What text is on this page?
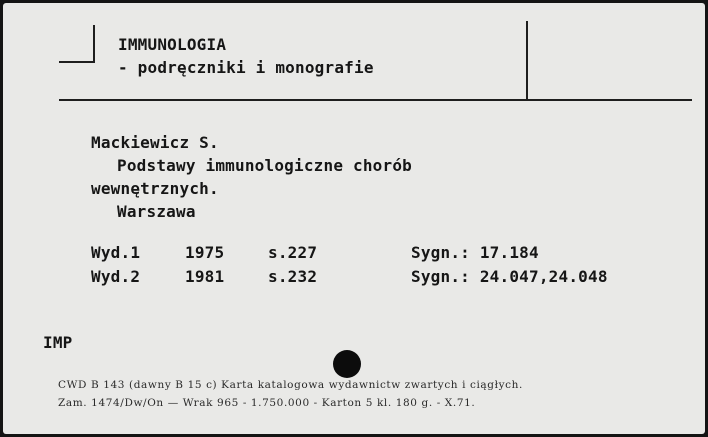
IMMUNOLOGIA
- podręczniki i monografie
Mackiewicz S.
Podstawy immunologiczne chorób
wewnętrznych.
Warszawa
Wyd.1	1975	s.227	Sygn.: 17.184
Wyd.2	1981	s.232	Sygn.: 24.047,24.048
IMP
CWD B 143 (dawny B 15 c) Karta katalogowa wydawnictw zwartych i ciągłych.
Zam. 1474/Dw/On — Wrak 965 - 1.750.000 - Karton 5 kl. 180 g. - X.71.
